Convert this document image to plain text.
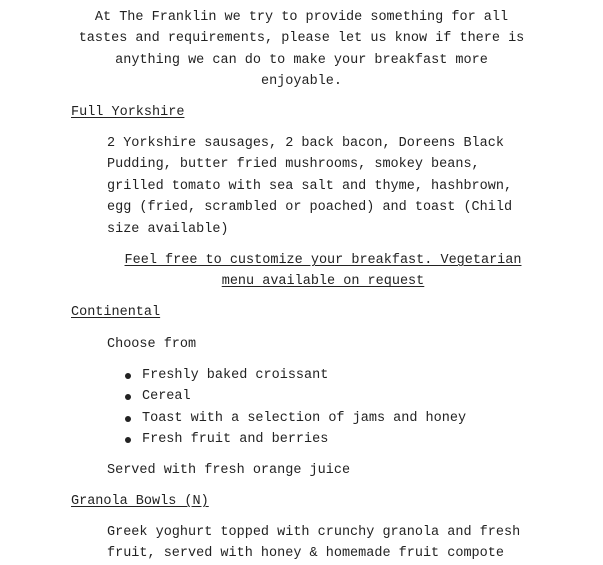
At The Franklin we try to provide something for all
tastes and requirements, please let us know if there is
anything we can do to make your breakfast more
enjoyable.
Full Yorkshire
2 Yorkshire sausages, 2 back bacon, Doreens Black
Pudding, butter fried mushrooms, smokey beans,
grilled tomato with sea salt and thyme, hashbrown,
egg (fried, scrambled or poached) and toast (Child
size available)
Feel free to customize your breakfast. Vegetarian
menu available on request
Continental
Choose from
Freshly baked croissant
Cereal
Toast with a selection of jams and honey
Fresh fruit and berries
Served with fresh orange juice
Granola Bowls (N)
Greek yoghurt topped with crunchy granola and fresh
fruit, served with honey & homemade fruit compote
